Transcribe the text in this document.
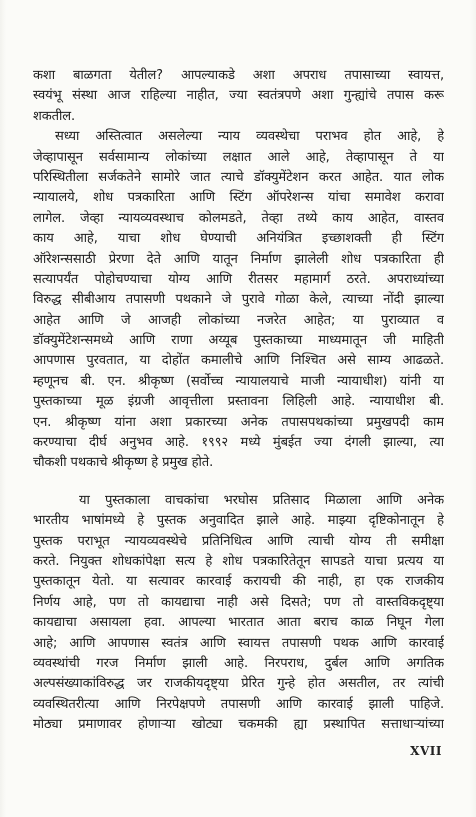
कशा बाळगता येतील? आपल्याकडे अशा अपराध तपासाच्या स्वायत्त,
स्वयंभू संस्था आज राहिल्या नाहीत, ज्या स्वतंत्रपणे अशा गुन्ह्यांचे तपास करू
शकतील.
सध्या अस्तित्वात असलेल्या न्याय व्यवस्थेचा पराभव होत आहे, हे
जेव्हापासून सर्वसामान्य लोकांच्या लक्षात आले आहे, तेव्हापासून ते या
परिस्थितीला सर्जकतेने सामोरे जात त्याचे डॉक्युमेंटेशन करत आहेत. यात लोक
न्यायालये, शोध पत्रकारिता आणि स्टिंग ऑपरेशन्स यांचा समावेश करावा
लागेल. जेव्हा न्यायव्यवस्थाच कोलमडते, तेव्हा तथ्ये काय आहेत, वास्तव
काय आहे, याचा शोध घेण्याची अनियंत्रित इच्छाशक्ती ही स्टिंग
ऑरेशन्ससाठी प्रेरणा देते आणि यातून निर्माण झालेली शोध पत्रकारिता ही
सत्यापर्यंत पोहोचण्याचा योग्य आणि रीतसर महामार्ग ठरते. अपराध्यांच्या
विरुद्ध सीबीआय तपासणी पथकाने जे पुरावे गोळा केले, त्याच्या नोंदी झाल्या
आहेत आणि जे आजही लोकांच्या नजरेत आहेत; या पुराव्यात व
डॉक्युमेंटेशन्समध्ये आणि राणा अय्यूब पुस्तकाच्या माध्यमातून जी माहिती
आपणास पुरवतात, या दोहोंत कमालीचे आणि निश्चित असे साम्य आढळते.
म्हणूनच बी. एन. श्रीकृष्ण (सर्वोच्च न्यायालयाचे माजी न्यायाधीश) यांनी या
पुस्तकाच्या मूळ इंग्रजी आवृत्तीला प्रस्तावना लिहिली आहे. न्यायाधीश बी.
एन. श्रीकृष्ण यांना अशा प्रकारच्या अनेक तपासपथकांच्या प्रमुखपदी काम
करण्याचा दीर्घ अनुभव आहे. १९९२ मध्ये मुंबईत ज्या दंगली झाल्या, त्या
चौकशी पथकाचे श्रीकृष्ण हे प्रमुख होते.
या पुस्तकाला वाचकांचा भरघोस प्रतिसाद मिळाला आणि अनेक
भारतीय भाषांमध्ये हे पुस्तक अनुवादित झाले आहे. माझ्या दृष्टिकोनातून हे
पुस्तक पराभूत न्यायव्यवस्थेचे प्रतिनिधित्व आणि त्याची योग्य ती समीक्षा
करते. नियुक्त शोधकांपेक्षा सत्य हे शोध पत्रकारितेतून सापडते याचा प्रत्यय या
पुस्तकातून येतो. या सत्यावर कारवाई करायची की नाही, हा एक राजकीय
निर्णय आहे, पण तो कायद्याचा नाही असे दिसते; पण तो वास्तविकदृष्ट्या
कायद्याचा असायला हवा. आपल्या भारतात आता बराच काळ निघून गेला
आहे; आणि आपणास स्वतंत्र आणि स्वायत्त तपासणी पथक आणि कारवाई
व्यवस्थांची गरज निर्माण झाली आहे. निरपराध, दुर्बल आणि अगतिक
अल्पसंख्याकांविरुद्ध जर राजकीयदृष्ट्या प्रेरित गुन्हे होत असतील, तर त्यांची
व्यवस्थितरीत्या आणि निरपेक्षपणे तपासणी आणि कारवाई झाली पाहिजे.
मोठ्या प्रमाणावर होणाऱ्या खोट्या चकमकी ह्या प्रस्थापित सत्ताधाऱ्यांच्या
XVII
